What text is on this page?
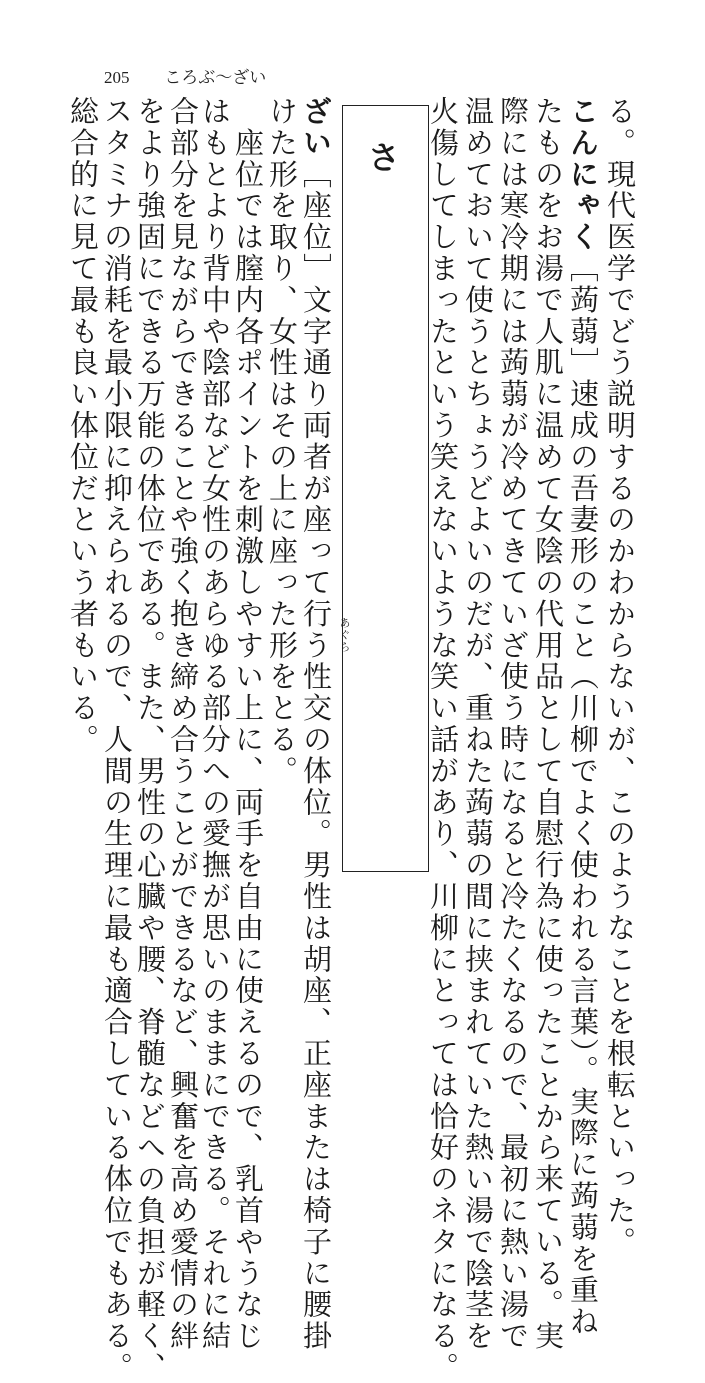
205 ころぶ〜ざい
る。現代医学でどう説明するのかわからないが、このようなことを根転といった。
こんにゃく［蒟蒻］速成の吾妻形のこと（川柳でよく使われる言葉）。実際に蒟蒻を重ね
たものをお湯で人肌に温めて女陰の代用品として自慰行為に使ったことから来ている。実
際には寒冷期には蒟蒻が冷めてきていざ使う時になると冷たくなるので、最初に熱い湯で
温めておいて使うとちょうどよいのだが、重ねた蒟蒻の間に挟まれていた熱い湯で陰茎を
火傷してしまったという笑えないような笑い話があり、川柳にとっては恰好のネタになる。
さ
ざい［座位］文字通り両者が座って行う性交の体位。男性は胡座、正座または椅子に腰掛 あぐら
けた形を取り、女性はその上に座った形をとる。
　座位では膣内各ポイントを刺激しやすい上に、両手を自由に使えるので、乳首やうなじ
はもとより背中や陰部など女性のあらゆる部分への愛撫が思いのままにできる。それに結
合部分を見ながらできることや強く抱き締め合うことができるなど、興奮を高め愛情の絆
をより強固にできる万能の体位である。また、男性の心臓や腰、脊髄などへの負担が軽く、
スタミナの消耗を最小限に抑えられるので、人間の生理に最も適合している体位でもある。
総合的に見て最も良い体位だという者もいる。
